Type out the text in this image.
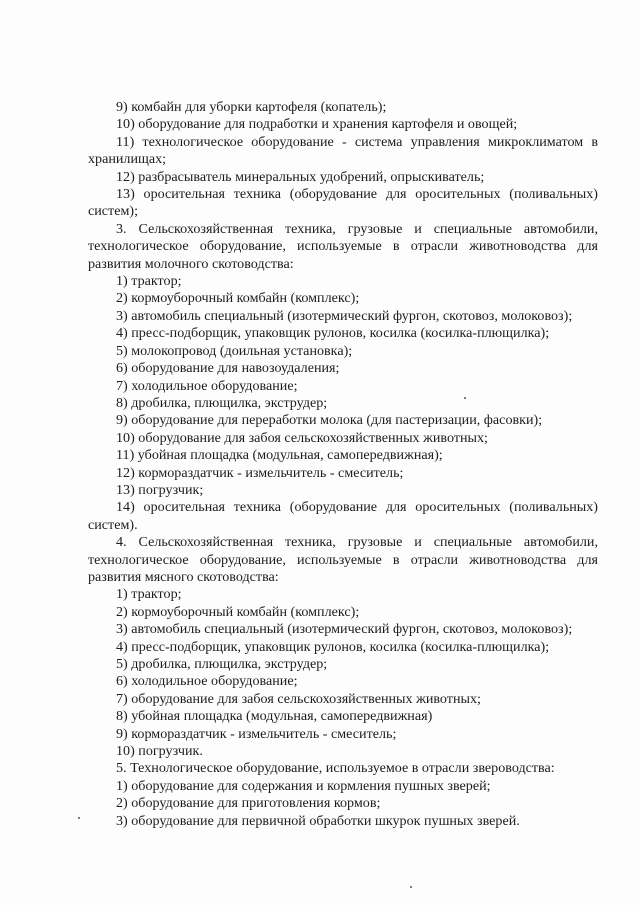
9) комбайн для уборки картофеля (копатель);

10) оборудование для подработки и хранения картофеля и овощей;

11) технологическое оборудование - система управления микроклиматом в хранилищах;

12) разбрасыватель минеральных удобрений, опрыскиватель;

13) оросительная техника (оборудование для оросительных (поливальных) систем);

3. Сельскохозяйственная техника, грузовые и специальные автомобили, технологическое оборудование, используемые в отрасли животноводства для развития молочного скотоводства:

1) трактор;

2) кормоуборочный комбайн (комплекс);

3) автомобиль специальный (изотермический фургон, скотовоз, молоковоз);

4) пресс-подборщик, упаковщик рулонов, косилка (косилка-плющилка);

5) молокопровод (доильная установка);

6) оборудование для навозоудаления;

7) холодильное оборудование;

8) дробилка, плющилка, экструдер;

9) оборудование для переработки молока (для пастеризации, фасовки);

10) оборудование для забоя сельскохозяйственных животных;

11) убойная площадка (модульная, самопередвижная);

12) кормораздатчик - измельчитель - смеситель;

13) погрузчик;

14) оросительная техника (оборудование для оросительных (поливальных) систем).

4. Сельскохозяйственная техника, грузовые и специальные автомобили, технологическое оборудование, используемые в отрасли животноводства для развития мясного скотоводства:

1) трактор;

2) кормоуборочный комбайн (комплекс);

3) автомобиль специальный (изотермический фургон, скотовоз, молоковоз);

4) пресс-подборщик, упаковщик рулонов, косилка (косилка-плющилка);

5) дробилка, плющилка, экструдер;

6) холодильное оборудование;

7) оборудование для забоя сельскохозяйственных животных;

8) убойная площадка (модульная, самопередвижная)

9) кормораздатчик - измельчитель - смеситель;

10) погрузчик.

5. Технологическое оборудование, используемое в отрасли звероводства:

1) оборудование для содержания и кормления пушных зверей;

2) оборудование для приготовления кормов;

3) оборудование для первичной обработки шкурок пушных зверей.
